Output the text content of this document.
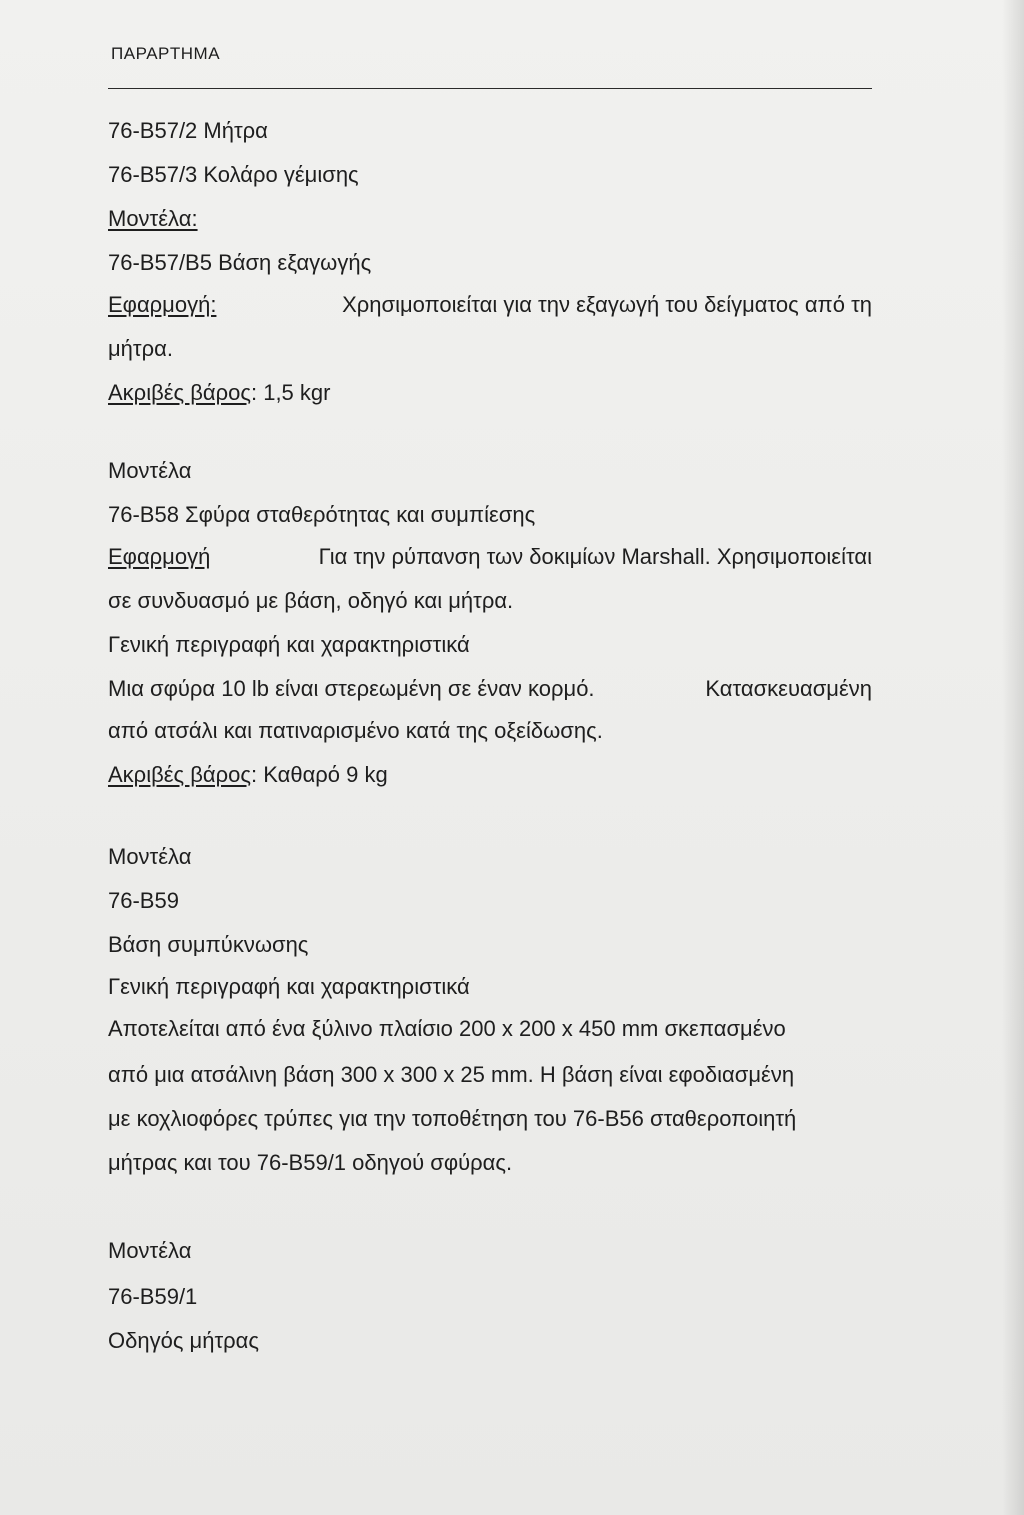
ΠΑΡΑΡΤΗΜΑ
76-Β57/2 Μήτρα
76-Β57/3 Κολάρο γέμισης
Μοντέλα:
76-Β57/Β5 Βάση εξαγωγής
Εφαρμογή:	Χρησιμοποιείται για την εξαγωγή του δείγματος από τη
μήτρα.
Ακριβές βάρος: 1,5 kgr
Μοντέλα
76-Β58 Σφύρα σταθερότητας και συμπίεσης
Εφαρμογή	Για την ρύπανση των δοκιμίων Marshall. Χρησιμοποιείται
σε συνδυασμό με βάση, οδηγό και μήτρα.
Γενική περιγραφή και χαρακτηριστικά
Μια σφύρα 10 lb είναι στερεωμένη σε έναν κορμό.	Κατασκευασμένη
από ατσάλι και πατιναρισμένο κατά της οξείδωσης.
Ακριβές βάρος: Καθαρό 9 kg
Μοντέλα
76-Β59
Βάση συμπύκνωσης
Γενική περιγραφή και χαρακτηριστικά
Αποτελείται από ένα ξύλινο πλαίσιο 200 x 200 x 450 mm σκεπασμένο
από μια ατσάλινη βάση 300 x 300 x 25 mm. Η βάση είναι εφοδιασμένη
με κοχλιοφόρες τρύπες για την τοποθέτηση του 76-Β56 σταθεροποιητή
μήτρας και του 76-Β59/1 οδηγού σφύρας.
Μοντέλα
76-Β59/1
Οδηγός μήτρας
